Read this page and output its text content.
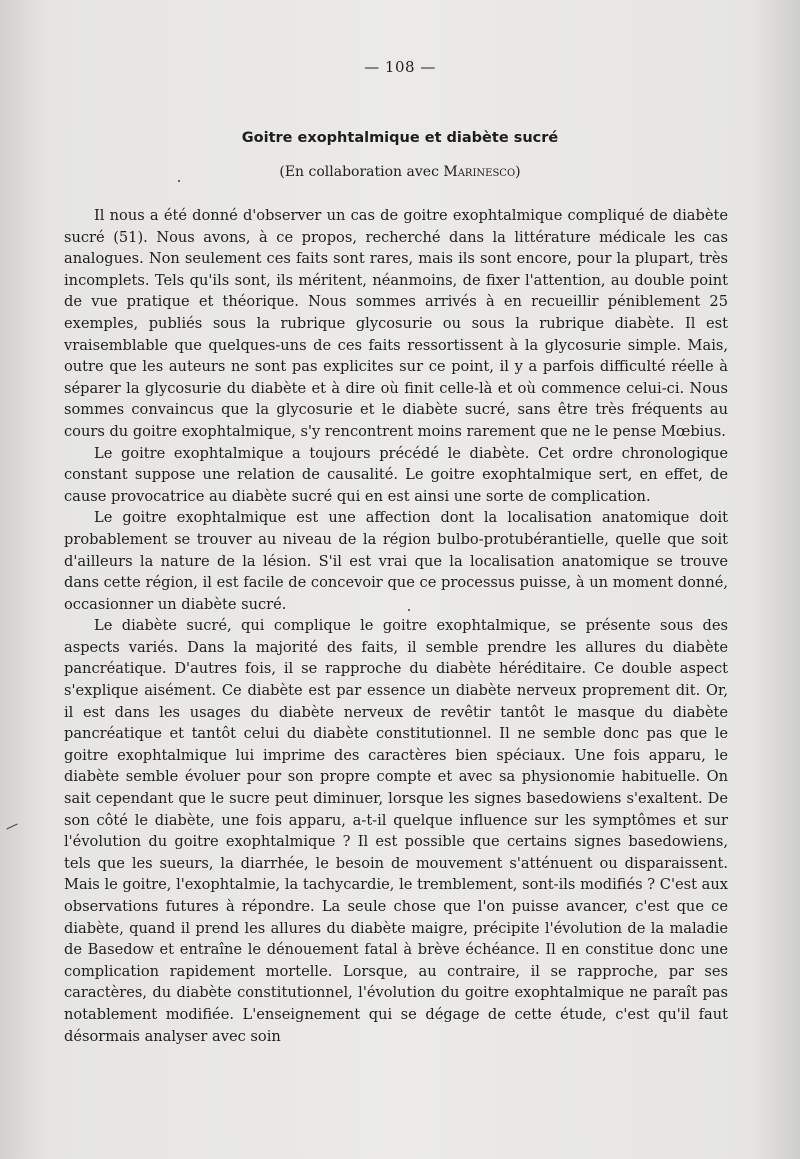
— 108 —
Goitre exophtalmique et diabète sucré
(En collaboration avec Marinesco)

Il nous a été donné d'observer un cas de goitre exophtalmique compliqué de diabète sucré (51). Nous avons, à ce propos, recherché dans la littérature médicale les cas analogues. Non seulement ces faits sont rares, mais ils sont encore, pour la plupart, très incomplets. Tels qu'ils sont, ils méritent, néanmoins, de fixer l'attention, au double point de vue pratique et théorique. Nous sommes arrivés à en recueillir péniblement 25 exemples, publiés sous la rubrique glycosurie ou sous la rubrique diabète. Il est vraisemblable que quelques-uns de ces faits ressortissent à la glycosurie simple. Mais, outre que les auteurs ne sont pas explicites sur ce point, il y a parfois difficulté réelle à séparer la glycosurie du diabète et à dire où finit celle-là et où commence celui-ci. Nous sommes convaincus que la glycosurie et le diabète sucré, sans être très fréquents au cours du goitre exophtalmique, s'y rencontrent moins rarement que ne le pense Mœbius.

Le goitre exophtalmique a toujours précédé le diabète. Cet ordre chronologique constant suppose une relation de causalité. Le goitre exophtalmique sert, en effet, de cause provocatrice au diabète sucré qui en est ainsi une sorte de complication.

Le goitre exophtalmique est une affection dont la localisation anatomique doit probablement se trouver au niveau de la région bulbo-protubérantielle, quelle que soit d'ailleurs la nature de la lésion. S'il est vrai que la localisation anatomique se trouve dans cette région, il est facile de concevoir que ce processus puisse, à un moment donné, occasionner un diabète sucré.

Le diabète sucré, qui complique le goitre exophtalmique, se présente sous des aspects variés. Dans la majorité des faits, il semble prendre les allures du diabète pancréatique. D'autres fois, il se rapproche du diabète héréditaire. Ce double aspect s'explique aisément. Ce diabète est par essence un diabète nerveux proprement dit. Or, il est dans les usages du diabète nerveux de revêtir tantôt le masque du diabète pancréatique et tantôt celui du diabète constitutionnel. Il ne semble donc pas que le goitre exophtalmique lui imprime des caractères bien spéciaux. Une fois apparu, le diabète semble évoluer pour son propre compte et avec sa physionomie habituelle. On sait cependant que le sucre peut diminuer, lorsque les signes basedowiens s'exaltent. De son côté le diabète, une fois apparu, a-t-il quelque influence sur les symptômes et sur l'évolution du goitre exophtalmique ? Il est possible que certains signes basedowiens, tels que les sueurs, la diarrhée, le besoin de mouvement s'atténuent ou disparaissent. Mais le goitre, l'exophtalmie, la tachycardie, le tremblement, sont-ils modifiés ? C'est aux observations futures à répondre. La seule chose que l'on puisse avancer, c'est que ce diabète, quand il prend les allures du diabète maigre, précipite l'évolution de la maladie de Basedow et entraîne le dénouement fatal à brève échéance. Il en constitue donc une complication rapidement mortelle. Lorsque, au contraire, il se rapproche, par ses caractères, du diabète constitutionnel, l'évolution du goitre exophtalmique ne paraît pas notablement modifiée. L'enseignement qui se dégage de cette étude, c'est qu'il faut désormais analyser avec soin
